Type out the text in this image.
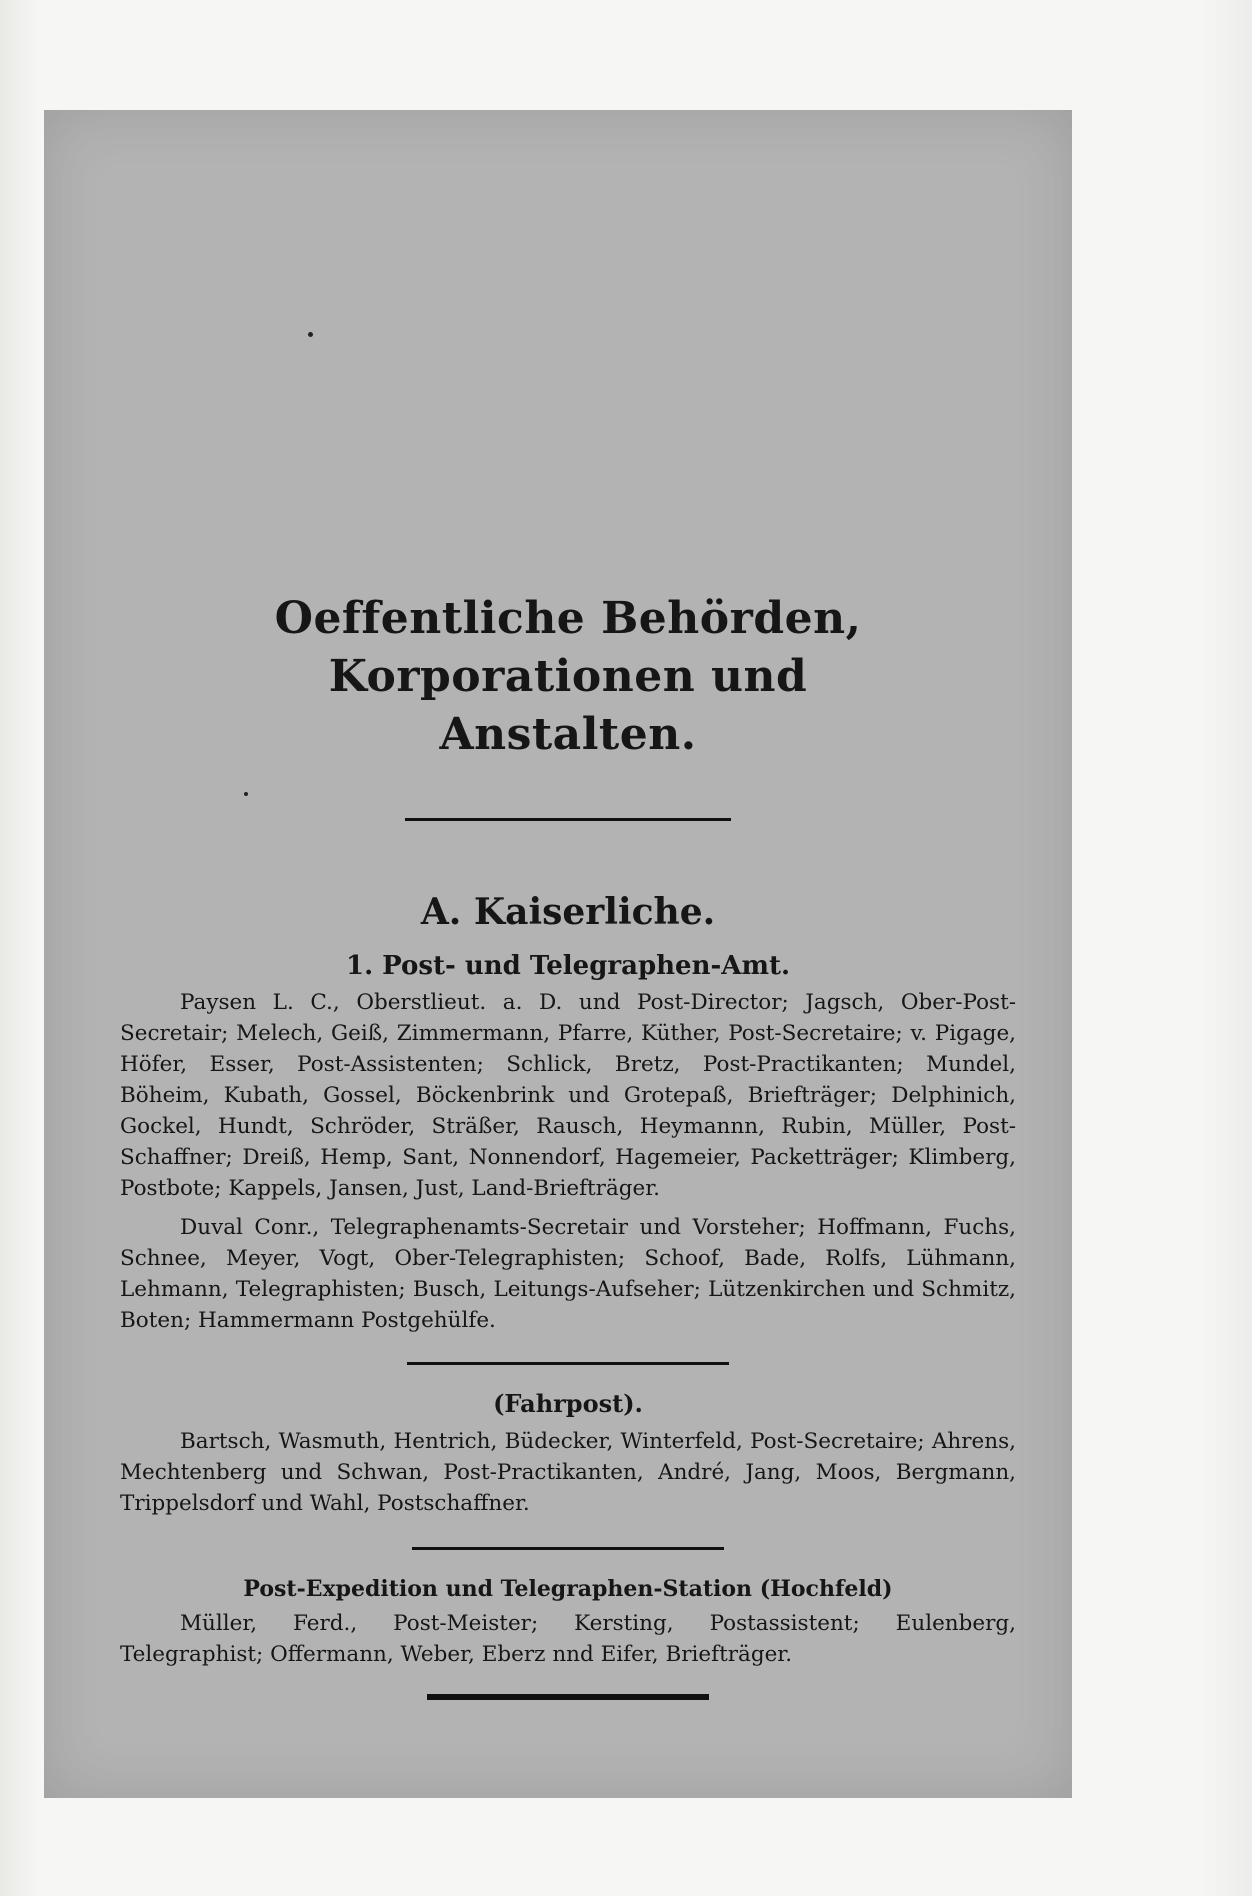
Oeffentliche Behörden, Korporationen und
Anstalten.
A. Kaiserliche.
1. Post- und Telegraphen-Amt.

Paysen L. C., Oberstlieut. a. D. und Post-Director; Jagsch, Ober-Post-Secretair; Melech, Geiß, Zimmermann, Pfarre, Küther, Post-Secretaire; v. Pigage, Höfer, Esser, Post-Assistenten; Schlick, Bretz, Post-Practikanten; Mundel, Böheim, Kubath, Gossel, Böckenbrink und Grotepaß, Briefträger; Delphinich, Gockel, Hundt, Schröder, Sträßer, Rausch, Heymannn, Rubin, Müller, Post-Schaffner; Dreiß, Hemp, Sant, Nonnendorf, Hagemeier, Packetträger; Klimberg, Postbote; Kappels, Jansen, Just, Land-Briefträger.

Duval Conr., Telegraphenamts-Secretair und Vorsteher; Hoffmann, Fuchs, Schnee, Meyer, Vogt, Ober-Telegraphisten; Schoof, Bade, Rolfs, Lühmann, Lehmann, Telegraphisten; Busch, Leitungs-Aufseher; Lützenkirchen und Schmitz, Boten; Hammermann Postgehülfe.

(Fahrpost).

Bartsch, Wasmuth, Hentrich, Büdecker, Winterfeld, Post-Secretaire; Ahrens, Mechtenberg und Schwan, Post-Practikanten, André, Jang, Moos, Bergmann, Trippelsdorf und Wahl, Postschaffner.

Post-Expedition und Telegraphen-Station (Hochfeld)

Müller, Ferd., Post-Meister; Kersting, Postassistent; Eulenberg, Telegraphist; Offermann, Weber, Eberz nnd Eifer, Briefträger.
